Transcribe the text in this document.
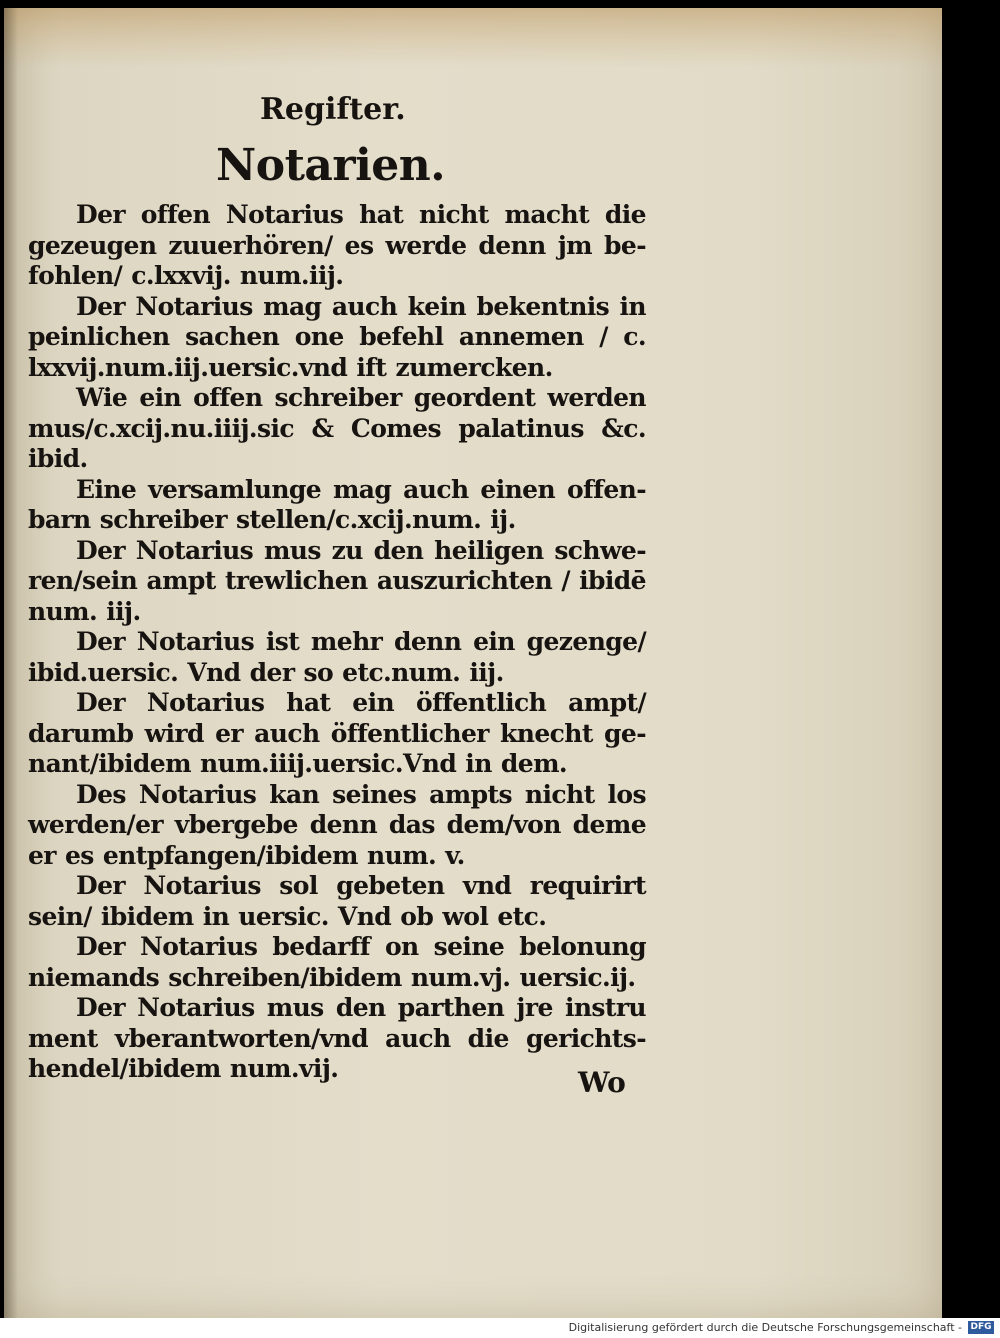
Regifter.
Notarien.

Der offen Notarius hat nicht macht die gezeugen zuuerhören/ es werde denn jm be- fohlen/ c.lxxvij. num.iij.

Der Notarius mag auch kein bekentnis in peinlichen sachen one befehl annemen / c. lxxvij.num.iij.uersic.vnd ift zumercken.

Wie ein offen schreiber geordent werden mus/c.xcij.nu.iiij.sic & Comes palatinus &c. ibid.

Eine versamlunge mag auch einen offen- barn schreiber stellen/c.xcij.num. ij.

Der Notarius mus zu den heiligen schwe- ren/sein ampt trewlichen auszurichten / ibidē num. iij.

Der Notarius ist mehr denn ein gezenge/ ibid.uersic. Vnd der so etc.num. iij.

Der Notarius hat ein öffentlich ampt/ darumb wird er auch öffentlicher knecht ge- nant/ibidem num.iiij.uersic.Vnd in dem.

Des Notarius kan seines ampts nicht los werden/er vbergebe denn das dem/von deme er es entpfangen/ibidem num. v.

Der Notarius sol gebeten vnd requirirt sein/ ibidem in uersic. Vnd ob wol etc.

Der Notarius bedarff on seine belonung niemands schreiben/ibidem num.vj. uersic.ij.

Der Notarius mus den parthen jre instru ment vberantworten/vnd auch die gerichts- hendel/ibidem num.vij.	Wo
Digitalisierung gefördert durch die Deutsche Forschungsgemeinschaft - DFG
